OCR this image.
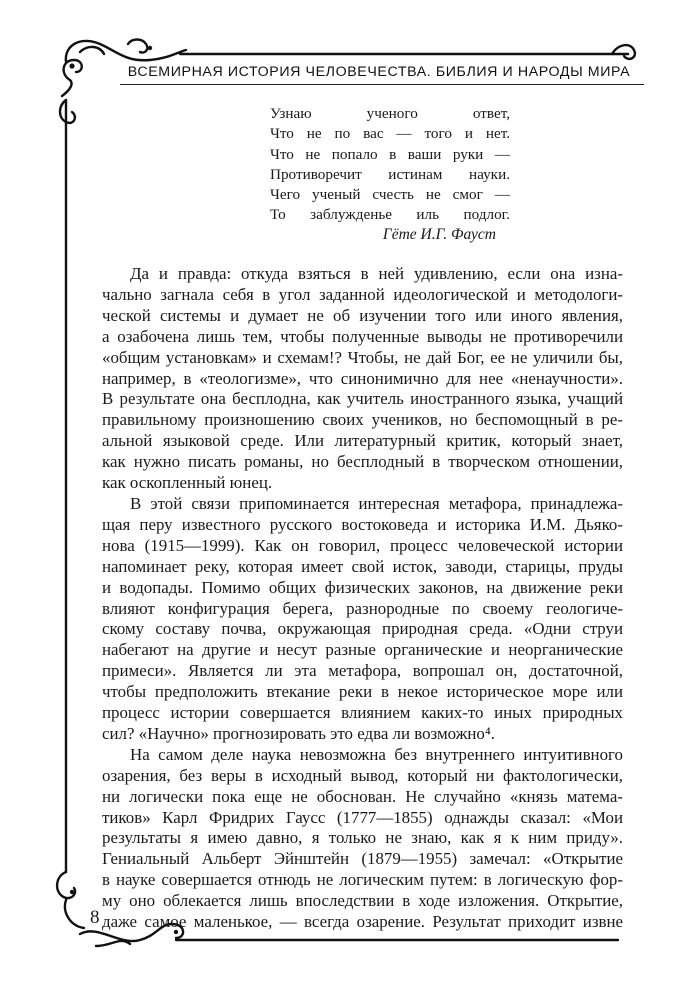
ВСЕМИРНАЯ ИСТОРИЯ ЧЕЛОВЕЧЕСТВА. БИБЛИЯ И НАРОДЫ МИРА
Узнаю ученого ответ,
Что не по вас — того и нет.
Что не попало в ваши руки —
Противоречит истинам науки.
Чего ученый счесть не смог —
То заблужденье иль подлог.
Гёте И.Г. Фауст
Да и правда: откуда взяться в ней удивлению, если она изна-
чально загнала себя в угол заданной идеологической и методологи-
ческой системы и думает не об изучении того или иного явления,
а озабочена лишь тем, чтобы полученные выводы не противоречили
«общим установкам» и схемам!? Чтобы, не дай Бог, ее не уличили бы,
например, в «теологизме», что синонимично для нее «ненаучности».
В результате она бесплодна, как учитель иностранного языка, учащий
правильному произношению своих учеников, но беспомощный в ре-
альной языковой среде. Или литературный критик, который знает,
как нужно писать романы, но бесплодный в творческом отношении,
как оскопленный юнец.
В этой связи припоминается интересная метафора, принадлежа-
щая перу известного русского востоковеда и историка И.М. Дьяко-
нова (1915—1999). Как он говорил, процесс человеческой истории
напоминает реку, которая имеет свой исток, заводи, старицы, пруды
и водопады. Помимо общих физических законов, на движение реки
влияют конфигурация берега, разнородные по своему геологиче-
скому составу почва, окружающая природная среда. «Одни струи
набегают на другие и несут разные органические и неорганические
примеси». Является ли эта метафора, вопрошал он, достаточной,
чтобы предположить втекание реки в некое историческое море или
процесс истории совершается влиянием каких-то иных природных
сил? «Научно» прогнозировать это едва ли возможно⁴.
На самом деле наука невозможна без внутреннего интуитивного
озарения, без веры в исходный вывод, который ни фактологически,
ни логически пока еще не обоснован. Не случайно «князь матема-
тиков» Карл Фридрих Гаусс (1777—1855) однажды сказал: «Мои
результаты я имею давно, я только не знаю, как я к ним приду».
Гениальный Альберт Эйнштейн (1879—1955) замечал: «Открытие
в науке совершается отнюдь не логическим путем: в логическую фор-
му оно облекается лишь впоследствии в ходе изложения. Открытие,
даже самое маленькое, — всегда озарение. Результат приходит извне
8
